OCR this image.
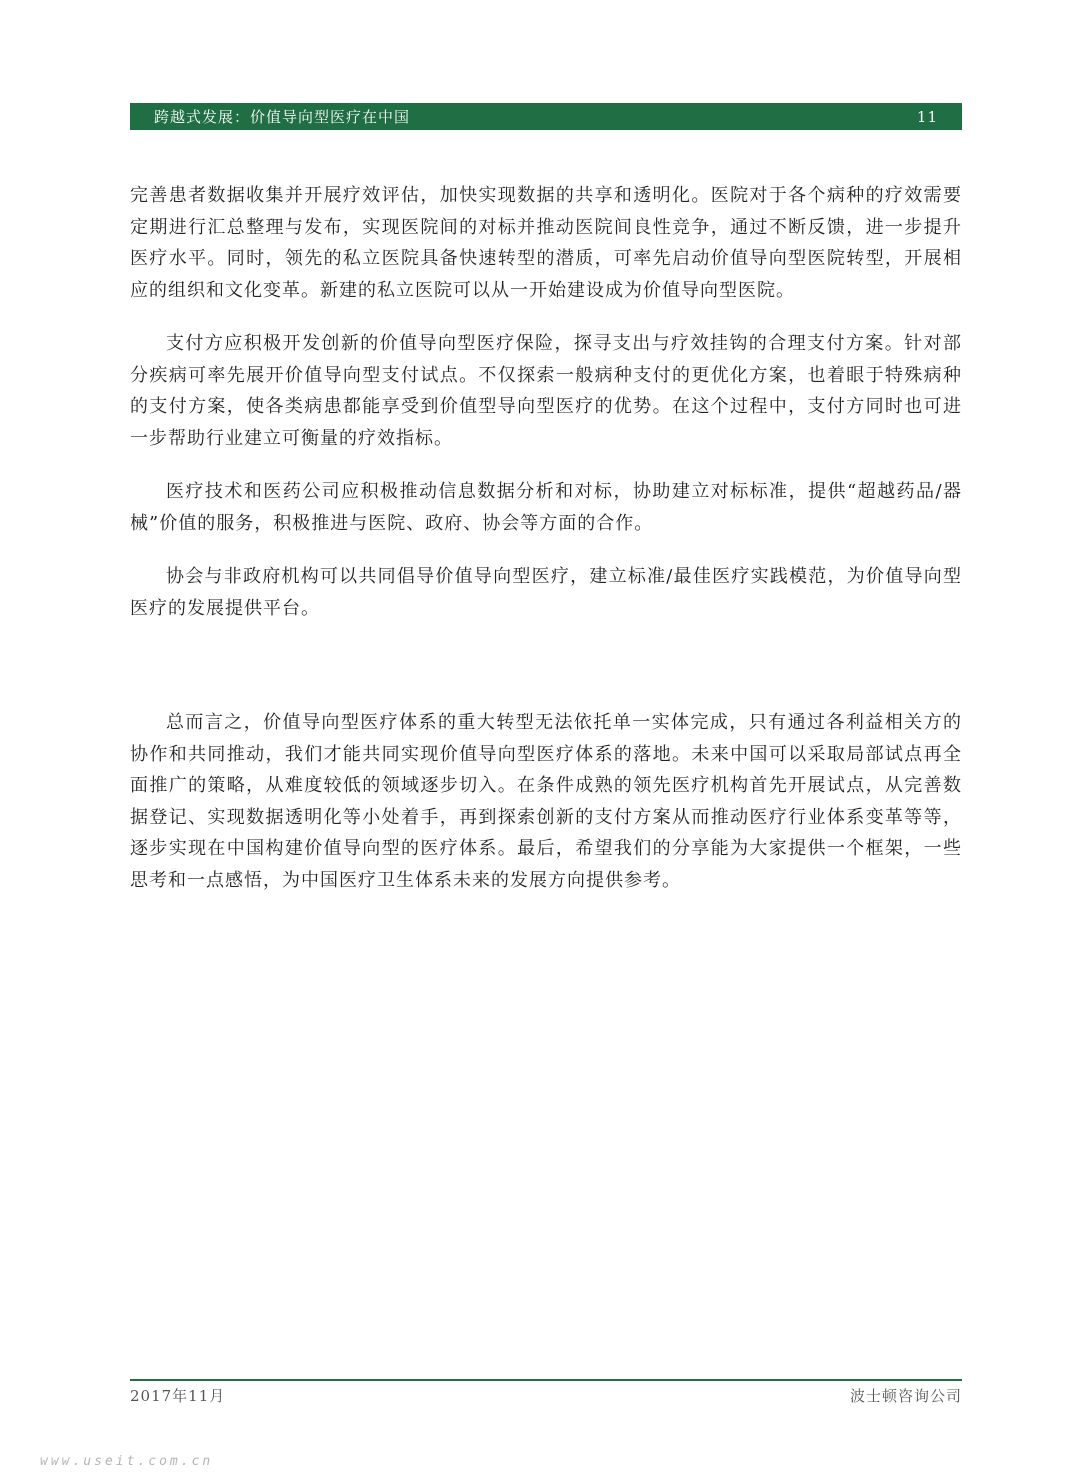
跨越式发展：价值导向型医疗在中国	11

完善患者数据收集并开展疗效评估，加快实现数据的共享和透明化。医院对于各个病种的疗效需要定期进行汇总整理与发布，实现医院间的对标并推动医院间良性竞争，通过不断反馈，进一步提升医疗水平。同时，领先的私立医院具备快速转型的潜质，可率先启动价值导向型医院转型，开展相应的组织和文化变革。新建的私立医院可以从一开始建设成为价值导向型医院。

支付方应积极开发创新的价值导向型医疗保险，探寻支出与疗效挂钩的合理支付方案。针对部分疾病可率先展开价值导向型支付试点。不仅探索一般病种支付的更优化方案，也着眼于特殊病种的支付方案，使各类病患都能享受到价值型导向型医疗的优势。在这个过程中，支付方同时也可进一步帮助行业建立可衡量的疗效指标。

医疗技术和医药公司应积极推动信息数据分析和对标，协助建立对标标准，提供“超越药品/器械”价值的服务，积极推进与医院、政府、协会等方面的合作。

协会与非政府机构可以共同倡导价值导向型医疗，建立标准/最佳医疗实践模范，为价值导向型医疗的发展提供平台。

总而言之，价值导向型医疗体系的重大转型无法依托单一实体完成，只有通过各利益相关方的协作和共同推动，我们才能共同实现价值导向型医疗体系的落地。未来中国可以采取局部试点再全面推广的策略，从难度较低的领域逐步切入。在条件成熟的领先医疗机构首先开展试点，从完善数据登记、实现数据透明化等小处着手，再到探索创新的支付方案从而推动医疗行业体系变革等等，逐步实现在中国构建价值导向型的医疗体系。最后，希望我们的分享能为大家提供一个框架，一些思考和一点感悟，为中国医疗卫生体系未来的发展方向提供参考。

2017年11月	波士顿咨询公司
www.useit.com.cn
